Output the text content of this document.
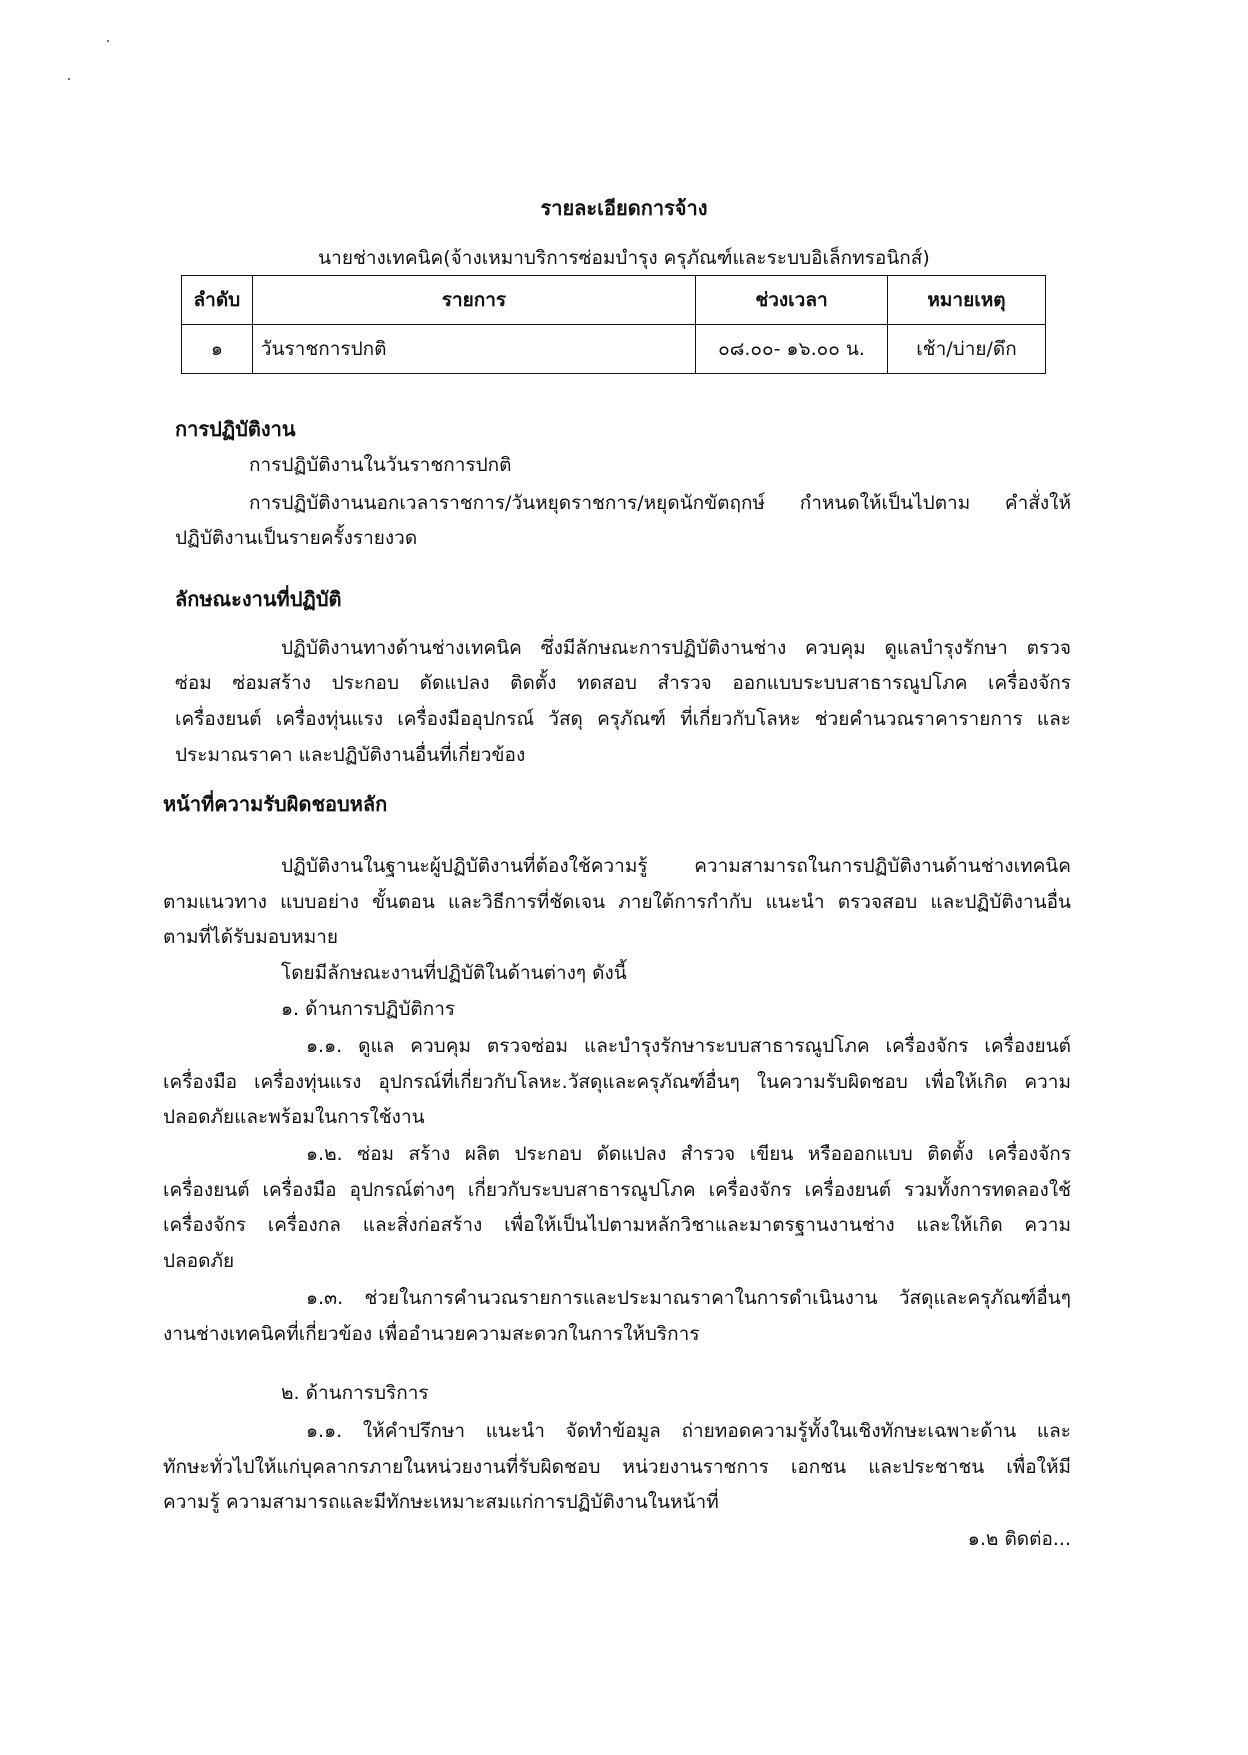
รายละเอียดการจ้าง
นายช่างเทคนิค(จ้างเหมาบริการซ่อมบำรุง ครุภัณฑ์และระบบอิเล็กทรอนิกส์)
ลำดับ	รายการ	ช่วงเวลา	หมายเหตุ
๑	วันราชการปกติ	๐๘.๐๐- ๑๖.๐๐ น.	เช้า/บ่าย/ดึก
การปฏิบัติงาน
การปฏิบัติงานในวันราชการปกติ
การปฏิบัติงานนอกเวลาราชการ/วันหยุดราชการ/หยุดนักขัตฤกษ์ กำหนดให้เป็นไปตาม คำสั่งให้
ปฏิบัติงานเป็นรายครั้งรายงวด
ลักษณะงานที่ปฏิบัติ
ปฏิบัติงานทางด้านช่างเทคนิค ซึ่งมีลักษณะการปฏิบัติงานช่าง ควบคุม ดูแลบำรุงรักษา ตรวจ
ซ่อม ซ่อมสร้าง ประกอบ ดัดแปลง ติดตั้ง ทดสอบ สำรวจ ออกแบบระบบสาธารณูปโภค เครื่องจักร
เครื่องยนต์ เครื่องทุ่นแรง เครื่องมืออุปกรณ์ วัสดุ ครุภัณฑ์ ที่เกี่ยวกับโลหะ ช่วยคำนวณราคารายการ และ
ประมาณราคา และปฏิบัติงานอื่นที่เกี่ยวข้อง
หน้าที่ความรับผิดชอบหลัก
ปฏิบัติงานในฐานะผู้ปฏิบัติงานที่ต้องใช้ความรู้ ความสามารถในการปฏิบัติงานด้านช่างเทคนิค
ตามแนวทาง แบบอย่าง ขั้นตอน และวิธีการที่ชัดเจน ภายใต้การกำกับ แนะนำ ตรวจสอบ และปฏิบัติงานอื่น
ตามที่ได้รับมอบหมาย
โดยมีลักษณะงานที่ปฏิบัติในด้านต่างๆ ดังนี้
๑. ด้านการปฏิบัติการ
๑.๑. ดูแล ควบคุม ตรวจซ่อม และบำรุงรักษาระบบสาธารณูปโภค เครื่องจักร เครื่องยนต์
เครื่องมือ เครื่องทุ่นแรง อุปกรณ์ที่เกี่ยวกับโลหะ.วัสดุและครุภัณฑ์อื่นๆ ในความรับผิดชอบ เพื่อให้เกิด ความ
ปลอดภัยและพร้อมในการใช้งาน
๑.๒. ซ่อม สร้าง ผลิต ประกอบ ดัดแปลง สำรวจ เขียน หรือออกแบบ ติดตั้ง เครื่องจักร
เครื่องยนต์ เครื่องมือ อุปกรณ์ต่างๆ เกี่ยวกับระบบสาธารณูปโภค เครื่องจักร เครื่องยนต์ รวมทั้งการทดลองใช้
เครื่องจักร เครื่องกล และสิ่งก่อสร้าง เพื่อให้เป็นไปตามหลักวิชาและมาตรฐานงานช่าง และให้เกิด ความ
ปลอดภัย
๑.๓. ช่วยในการคำนวณรายการและประมาณราคาในการดำเนินงาน วัสดุและครุภัณฑ์อื่นๆ
งานช่างเทคนิคที่เกี่ยวข้อง เพื่ออำนวยความสะดวกในการให้บริการ
๒. ด้านการบริการ
๑.๑. ให้คำปรึกษา แนะนำ จัดทำข้อมูล ถ่ายทอดความรู้ทั้งในเชิงทักษะเฉพาะด้าน และ
ทักษะทั่วไปให้แก่บุคลากรภายในหน่วยงานที่รับผิดชอบ หน่วยงานราชการ เอกชน และประชาชน เพื่อให้มี
ความรู้ ความสามารถและมีทักษะเหมาะสมแก่การปฏิบัติงานในหน้าที่
๑.๒ ติดต่อ...
